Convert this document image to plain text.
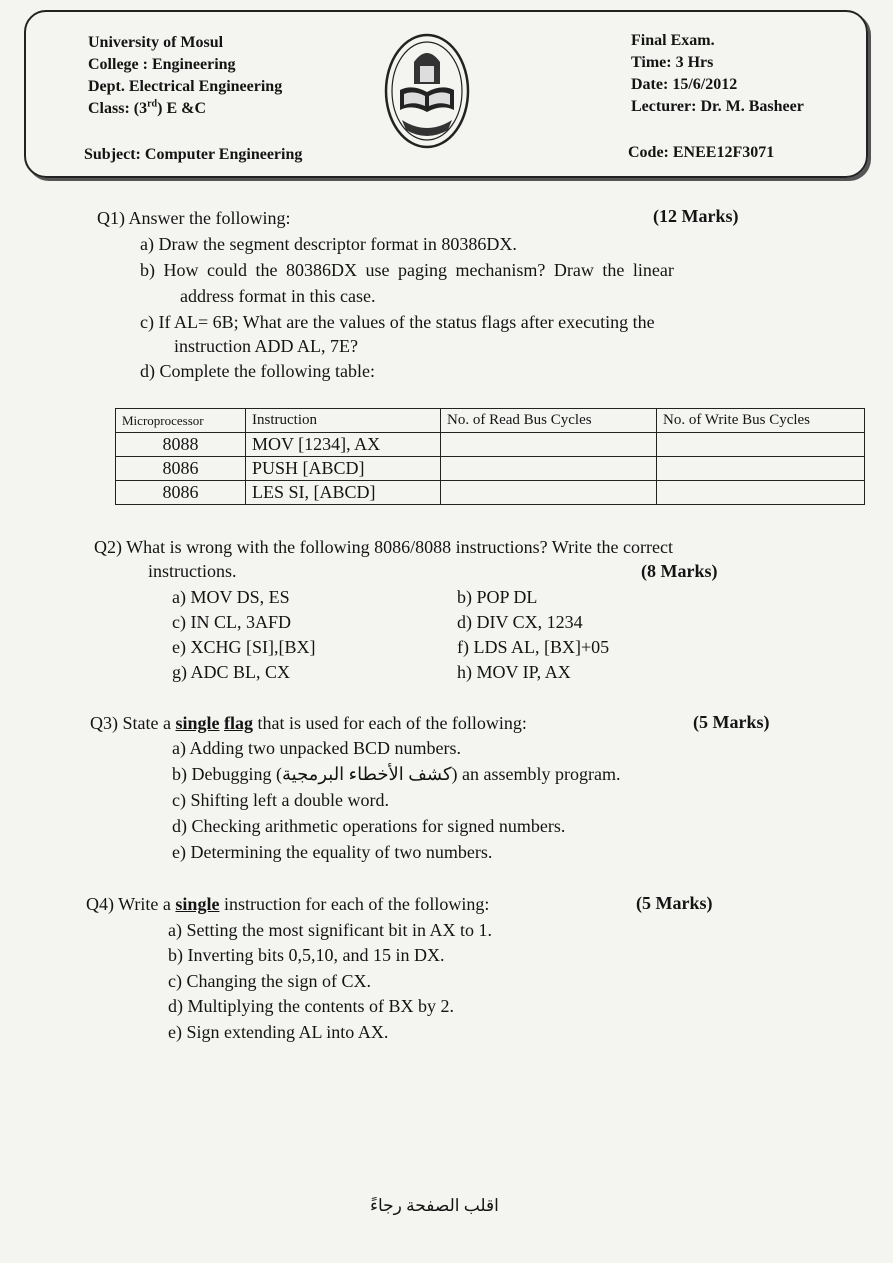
University of Mosul
College : Engineering
Dept. Electrical Engineering
Class: (3rd) E &C
Subject: Computer Engineering
Final Exam.
Time: 3 Hrs
Date: 15/6/2012
Lecturer: Dr. M. Basheer
Code: ENEE12F3071
Q1) Answer the following:	(12 Marks)
a) Draw the segment descriptor format in 80386DX.
b) How could the 80386DX use paging mechanism? Draw the linear
address format in this case.
c) If AL= 6B; What are the values of the status flags after executing the
instruction ADD AL, 7E?
d) Complete the following table:
Microprocessor	Instruction	No. of Read Bus Cycles	No. of Write Bus Cycles
8088	MOV [1234], AX		
8086	PUSH [ABCD]		
8086	LES SI, [ABCD]		
Q2) What is wrong with the following 8086/8088 instructions? Write the correct
instructions.	(8 Marks)
a) MOV DS, ES	b) POP DL
c) IN CL, 3AFD	d) DIV CX, 1234
e) XCHG [SI],[BX]	f) LDS AL, [BX]+05
g) ADC BL, CX	h) MOV IP, AX
Q3) State a single flag that is used for each of the following:	(5 Marks)
a) Adding two unpacked BCD numbers.
b) Debugging (كشف الأخطاء البرمجية) an assembly program.
c) Shifting left a double word.
d) Checking arithmetic operations for signed numbers.
e) Determining the equality of two numbers.
Q4) Write a single instruction for each of the following:	(5 Marks)
a) Setting the most significant bit in AX to 1.
b) Inverting bits 0,5,10, and 15 in DX.
c) Changing the sign of CX.
d) Multiplying the contents of BX by 2.
e) Sign extending AL into AX.
اقلب الصفحة رجاءً
